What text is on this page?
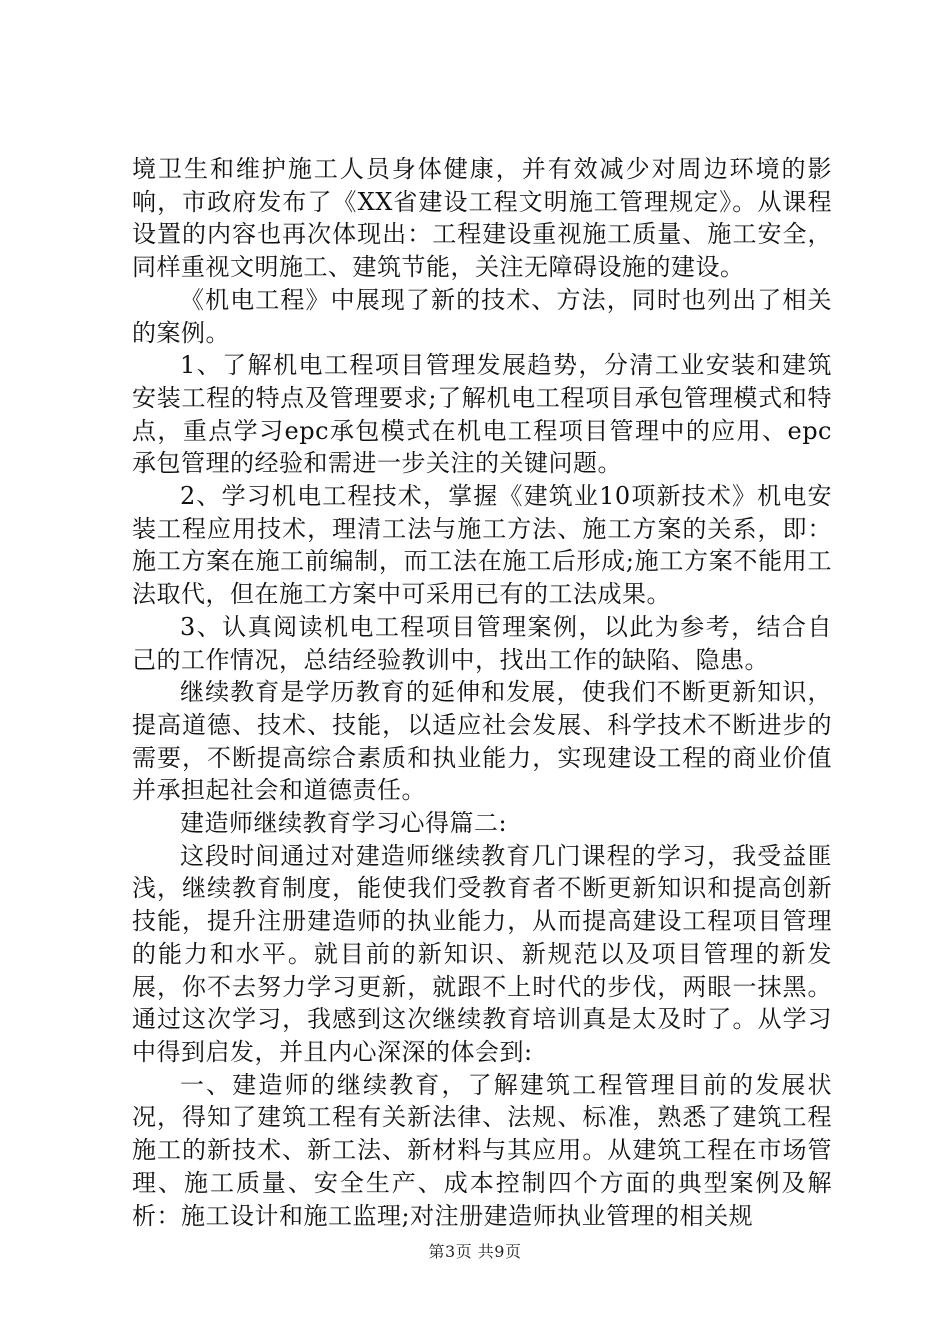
境卫生和维护施工人员身体健康，并有效减少对周边环境的影响，市政府发布了《XX省建设工程文明施工管理规定》。从课程设置的内容也再次体现出：工程建设重视施工质量、施工安全，同样重视文明施工、建筑节能，关注无障碍设施的建设。

《机电工程》中展现了新的技术、方法，同时也列出了相关的案例。

1、了解机电工程项目管理发展趋势，分清工业安装和建筑安装工程的特点及管理要求;了解机电工程项目承包管理模式和特点，重点学习epc承包模式在机电工程项目管理中的应用、epc承包管理的经验和需进一步关注的关键问题。

2、学习机电工程技术，掌握《建筑业10项新技术》机电安装工程应用技术，理清工法与施工方法、施工方案的关系，即：施工方案在施工前编制，而工法在施工后形成;施工方案不能用工法取代，但在施工方案中可采用已有的工法成果。

3、认真阅读机电工程项目管理案例，以此为参考，结合自己的工作情况，总结经验教训中，找出工作的缺陷、隐患。

继续教育是学历教育的延伸和发展，使我们不断更新知识，提高道德、技术、技能，以适应社会发展、科学技术不断进步的需要，不断提高综合素质和执业能力，实现建设工程的商业价值并承担起社会和道德责任。

建造师继续教育学习心得篇二:

这段时间通过对建造师继续教育几门课程的学习，我受益匪浅，继续教育制度，能使我们受教育者不断更新知识和提高创新技能，提升注册建造师的执业能力，从而提高建设工程项目管理的能力和水平。就目前的新知识、新规范以及项目管理的新发展，你不去努力学习更新，就跟不上时代的步伐，两眼一抹黑。通过这次学习，我感到这次继续教育培训真是太及时了。从学习中得到启发，并且内心深深的体会到:

一、建造师的继续教育，了解建筑工程管理目前的发展状况，得知了建筑工程有关新法律、法规、标准，熟悉了建筑工程施工的新技术、新工法、新材料与其应用。从建筑工程在市场管理、施工质量、安全生产、成本控制四个方面的典型案例及解析：施工设计和施工监理;对注册建造师执业管理的相关规

第3页 共9页
